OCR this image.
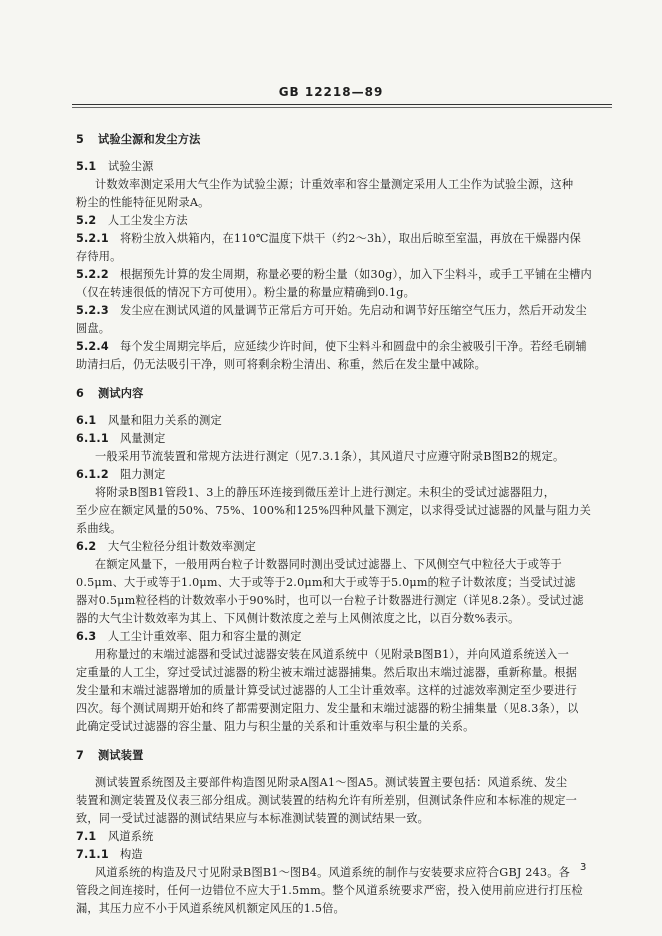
GB 12218—89
5 试验尘源和发尘方法
5.1 试验尘源
计数效率测定采用大气尘作为试验尘源；计重效率和容尘量测定采用人工尘作为试验尘源，这种
粉尘的性能特征见附录A。
5.2 人工尘发尘方法
5.2.1 将粉尘放入烘箱内，在110℃温度下烘干（约2～3h），取出后晾至室温，再放在干燥器内保
存待用。
5.2.2 根据预先计算的发尘周期，称量必要的粉尘量（如30g），加入下尘料斗，或手工平铺在尘槽内
（仅在转速很低的情况下方可使用）。粉尘量的称量应精确到0.1g。
5.2.3 发尘应在测试风道的风量调节正常后方可开始。先启动和调节好压缩空气压力，然后开动发尘
圆盘。
5.2.4 每个发尘周期完毕后，应延续少许时间，使下尘料斗和圆盘中的余尘被吸引干净。若经毛刷辅
助清扫后，仍无法吸引干净，则可将剩余粉尘清出、称重，然后在发尘量中减除。
6 测试内容
6.1 风量和阻力关系的测定
6.1.1 风量测定
一般采用节流装置和常规方法进行测定（见7.3.1条），其风道尺寸应遵守附录B图B2的规定。
6.1.2 阻力测定
将附录B图B1管段1、3上的静压环连接到微压差计上进行测定。未积尘的受试过滤器阻力，
至少应在额定风量的50%、75%、100%和125%四种风量下测定，以求得受试过滤器的风量与阻力关
系曲线。
6.2 大气尘粒径分组计数效率测定
在额定风量下，一般用两台粒子计数器同时测出受试过滤器上、下风侧空气中粒径大于或等于
0.5μm、大于或等于1.0μm、大于或等于2.0μm和大于或等于5.0μm的粒子计数浓度；当受试过滤
器对0.5μm粒径档的计数效率小于90%时，也可以一台粒子计数器进行测定（详见8.2条）。受试过滤
器的大气尘计数效率为其上、下风侧计数浓度之差与上风侧浓度之比，以百分数%表示。
6.3 人工尘计重效率、阻力和容尘量的测定
用称量过的末端过滤器和受试过滤器安装在风道系统中（见附录B图B1），并向风道系统送入一
定重量的人工尘，穿过受试过滤器的粉尘被末端过滤器捕集。然后取出末端过滤器，重新称量。根据
发尘量和末端过滤器增加的质量计算受试过滤器的人工尘计重效率。这样的过滤效率测定至少要进行
四次。每个测试周期开始和终了都需要测定阻力、发尘量和末端过滤器的粉尘捕集量（见8.3条），以
此确定受试过滤器的容尘量、阻力与积尘量的关系和计重效率与积尘量的关系。
7 测试装置
测试装置系统图及主要部件构造图见附录A图A1～图A5。测试装置主要包括：风道系统、发尘
装置和测定装置及仪表三部分组成。测试装置的结构允许有所差别，但测试条件应和本标准的规定一
致，同一受试过滤器的测试结果应与本标准测试装置的测试结果一致。
7.1 风道系统
7.1.1 构造
风道系统的构造及尺寸见附录B图B1～图B4。风道系统的制作与安装要求应符合GBJ 243。各
管段之间连接时，任何一边错位不应大于1.5mm。整个风道系统要求严密，投入使用前应进行打压检
漏，其压力应不小于风道系统风机额定风压的1.5倍。
3
